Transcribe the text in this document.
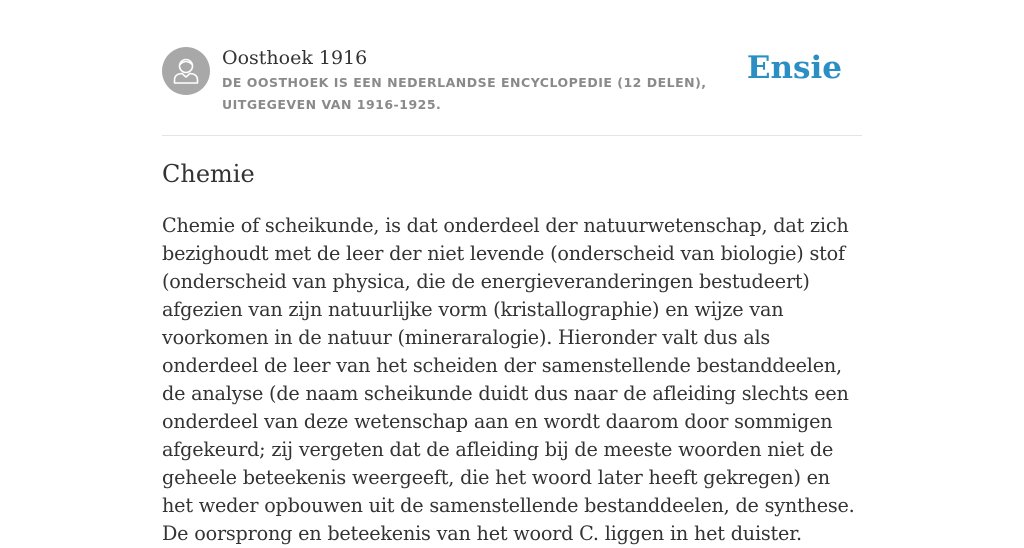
Oosthoek 1916
DE OOSTHOEK IS EEN NEDERLANDSE ENCYCLOPEDIE (12 DELEN), UITGEGEVEN VAN 1916-1925.
Ensie
Chemie

Chemie of scheikunde, is dat onderdeel der natuurwetenschap, dat zich bezighoudt met de leer der niet levende (onderscheid van biologie) stof (onderscheid van physica, die de energieveranderingen bestudeert) afgezien van zijn natuurlijke vorm (kristallographie) en wijze van voorkomen in de natuur (mineraralogie). Hieronder valt dus als onderdeel de leer van het scheiden der samenstellende bestanddeelen, de analyse (de naam scheikunde duidt dus naar de afleiding slechts een onderdeel van deze wetenschap aan en wordt daarom door sommigen afgekeurd; zij vergeten dat de afleiding bij de meeste woorden niet de geheele beteekenis weergeeft, die het woord later heeft gekregen) en het weder opbouwen uit de samenstellende bestanddeelen, de synthese. De oorsprong en beteekenis van het woord C. liggen in het duister.
